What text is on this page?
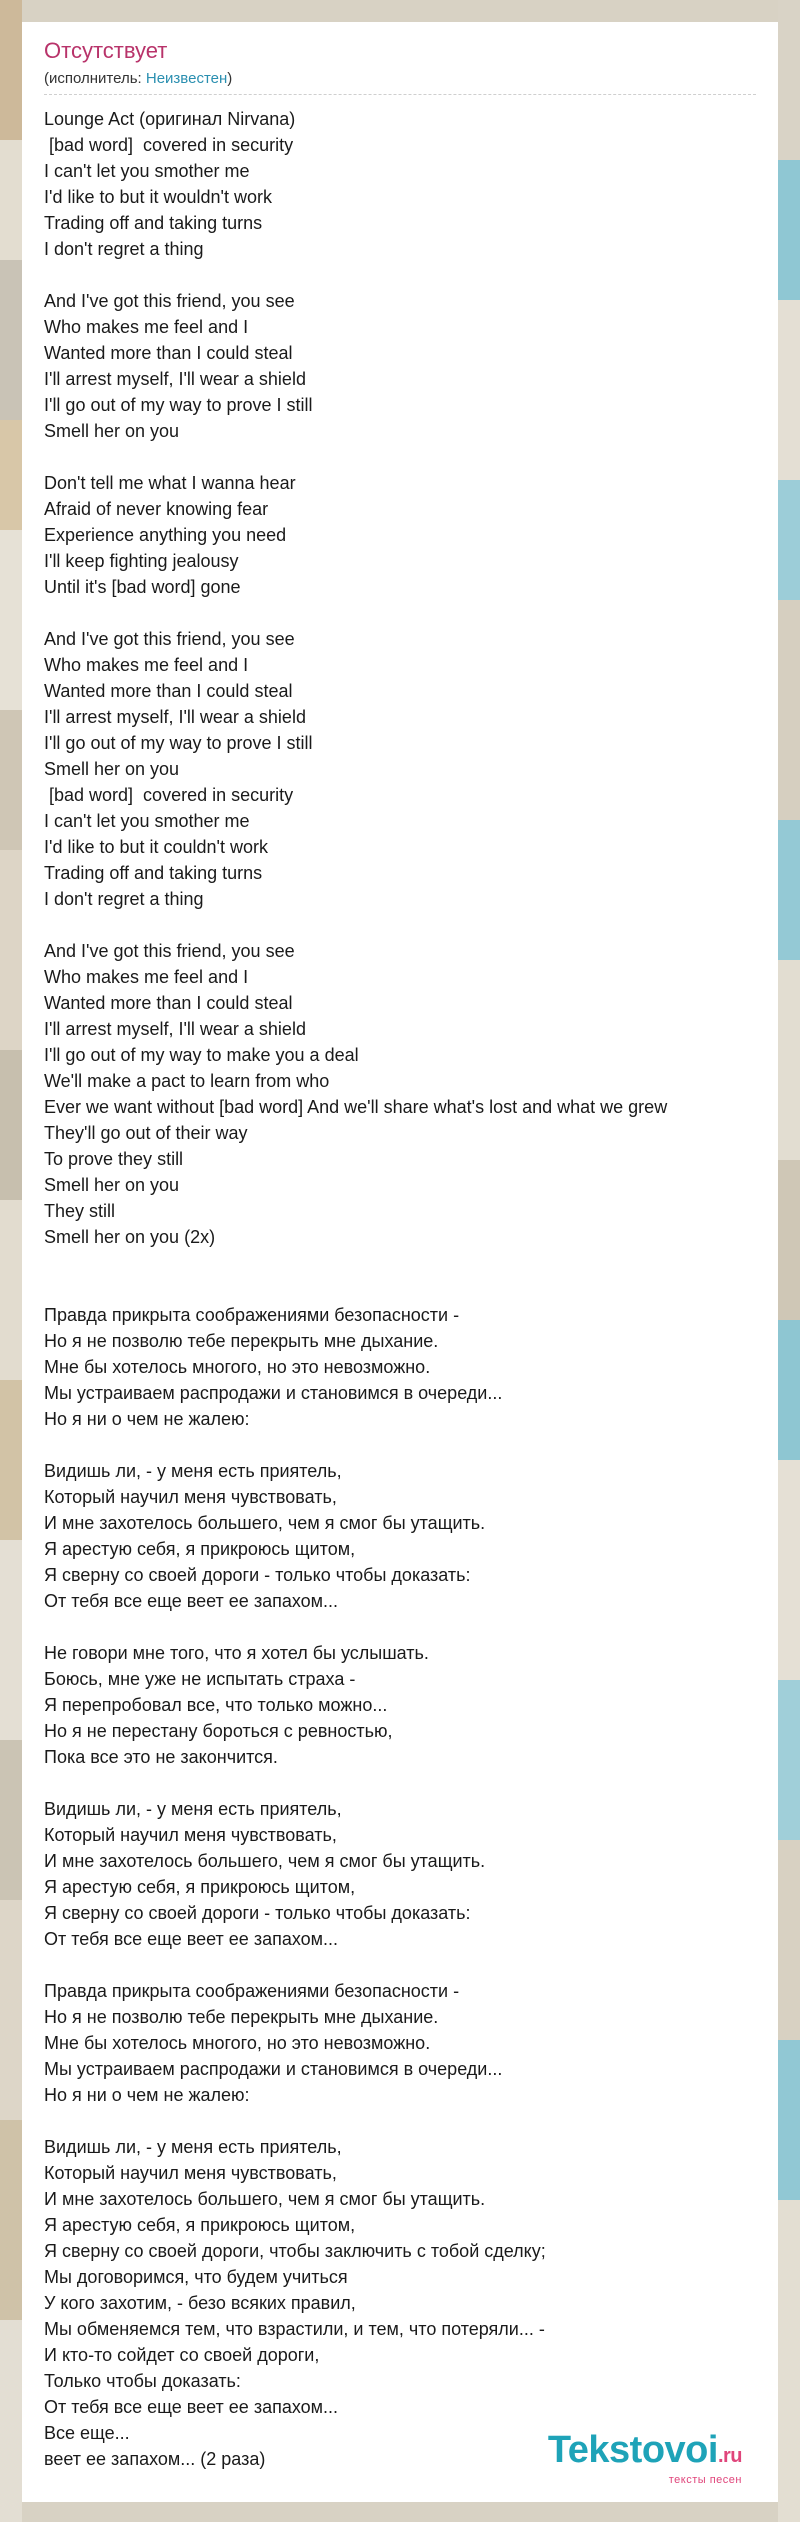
Отсутствует
(исполнитель: Неизвестен)
Lounge Act (оригинал Nirvana)
[bad word]  covered in security
I can't let you smother me
I'd like to but it wouldn't work
Trading off and taking turns
I don't regret a thing
And I've got this friend, you see
Who makes me feel and I
Wanted more than I could steal
I'll arrest myself, I'll wear a shield
I'll go out of my way to prove I still
Smell her on you
Don't tell me what I wanna hear
Afraid of never knowing fear
Experience anything you need
I'll keep fighting jealousy
Until it's [bad word] gone
And I've got this friend, you see
Who makes me feel and I
Wanted more than I could steal
I'll arrest myself, I'll wear a shield
I'll go out of my way to prove I still
Smell her on you
[bad word]  covered in security
I can't let you smother me
I'd like to but it couldn't work
Trading off and taking turns
I don't regret a thing
And I've got this friend, you see
Who makes me feel and I
Wanted more than I could steal
I'll arrest myself, I'll wear a shield
I'll go out of my way to make you a deal
We'll make a pact to learn from who
Ever we want without [bad word] And we'll share what's lost and what we grew
They'll go out of their way
To prove they still
Smell her on you
They still
Smell her on you (2x)
Правда прикрыта соображениями безопасности -
Но я не позволю тебе перекрыть мне дыхание.
Мне бы хотелось многого, но это невозможно.
Мы устраиваем распродажи и становимся в очереди...
Но я ни о чем не жалею:
Видишь ли, - у меня есть приятель,
Который научил меня чувствовать,
И мне захотелось большего, чем я смог бы утащить.
Я арестую себя, я прикроюсь щитом,
Я сверну со своей дороги - только чтобы доказать:
От тебя все еще веет ее запахом...
Не говори мне того, что я хотел бы услышать.
Боюсь, мне уже не испытать страха -
Я перепробовал все, что только можно...
Но я не перестану бороться с ревностью,
Пока все это не закончится.
Видишь ли, - у меня есть приятель,
Который научил меня чувствовать,
И мне захотелось большего, чем я смог бы утащить.
Я арестую себя, я прикроюсь щитом,
Я сверну со своей дороги - только чтобы доказать:
От тебя все еще веет ее запахом...
Правда прикрыта соображениями безопасности -
Но я не позволю тебе перекрыть мне дыхание.
Мне бы хотелось многого, но это невозможно.
Мы устраиваем распродажи и становимся в очереди...
Но я ни о чем не жалею:
Видишь ли, - у меня есть приятель,
Который научил меня чувствовать,
И мне захотелось большего, чем я смог бы утащить.
Я арестую себя, я прикроюсь щитом,
Я сверну со своей дороги, чтобы заключить с тобой сделку;
Мы договоримся, что будем учиться
У кого захотим, - безо всяких правил,
Мы обменяемся тем, что взрастили, и тем, что потеряли... -
И кто-то сойдет со своей дороги,
Только чтобы доказать:
От тебя все еще веет ее запахом...
Все еще...
веет ее запахом... (2 раза)	Tekstovoi.ru
тексты песен
